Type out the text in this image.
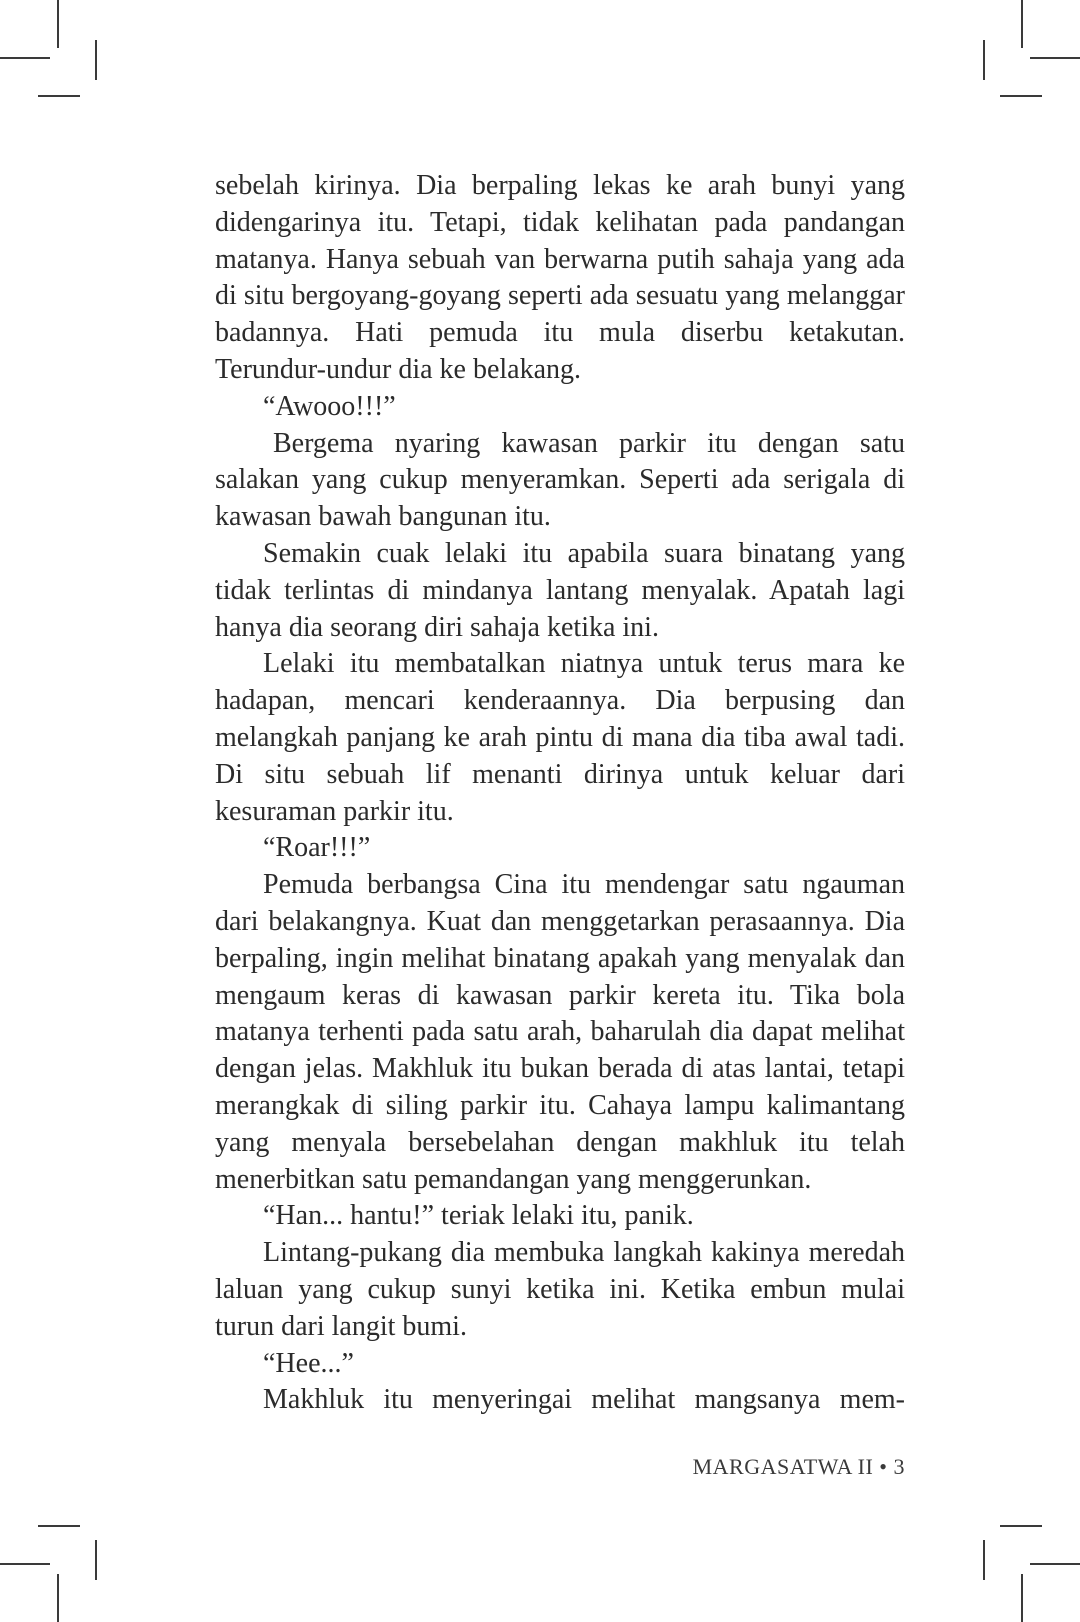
sebelah kirinya. Dia berpaling lekas ke arah bunyi yang didengarinya itu. Tetapi, tidak kelihatan pada pandangan matanya. Hanya sebuah van berwarna putih sahaja yang ada di situ bergoyang-goyang seperti ada sesuatu yang melanggar badannya. Hati pemuda itu mula diserbu ketakutan. Terundur-undur dia ke belakang.

“Awooo!!!”

Bergema nyaring kawasan parkir itu dengan satu salakan yang cukup menyeramkan. Seperti ada serigala di kawasan bawah bangunan itu.

Semakin cuak lelaki itu apabila suara binatang yang tidak terlintas di mindanya lantang menyalak. Apatah lagi hanya dia seorang diri sahaja ketika ini.

Lelaki itu membatalkan niatnya untuk terus mara ke hadapan, mencari kenderaannya. Dia berpusing dan melangkah panjang ke arah pintu di mana dia tiba awal tadi. Di situ sebuah lif menanti dirinya untuk keluar dari kesuraman parkir itu.

“Roar!!!”

Pemuda berbangsa Cina itu mendengar satu ngauman dari belakangnya. Kuat dan menggetarkan perasaannya. Dia berpaling, ingin melihat binatang apakah yang menyalak dan mengaum keras di kawasan parkir kereta itu. Tika bola matanya terhenti pada satu arah, baharulah dia dapat melihat dengan jelas. Makhluk itu bukan berada di atas lantai, tetapi merangkak di siling parkir itu. Cahaya lampu kalimantang yang menyala bersebelahan dengan makhluk itu telah menerbitkan satu pemandangan yang menggerunkan.

“Han... hantu!” teriak lelaki itu, panik.

Lintang-pukang dia membuka langkah kakinya meredah laluan yang cukup sunyi ketika ini. Ketika embun mulai turun dari langit bumi.

“Hee...”

Makhluk itu menyeringai melihat mangsanya mem-

MARGASATWA II • 3
